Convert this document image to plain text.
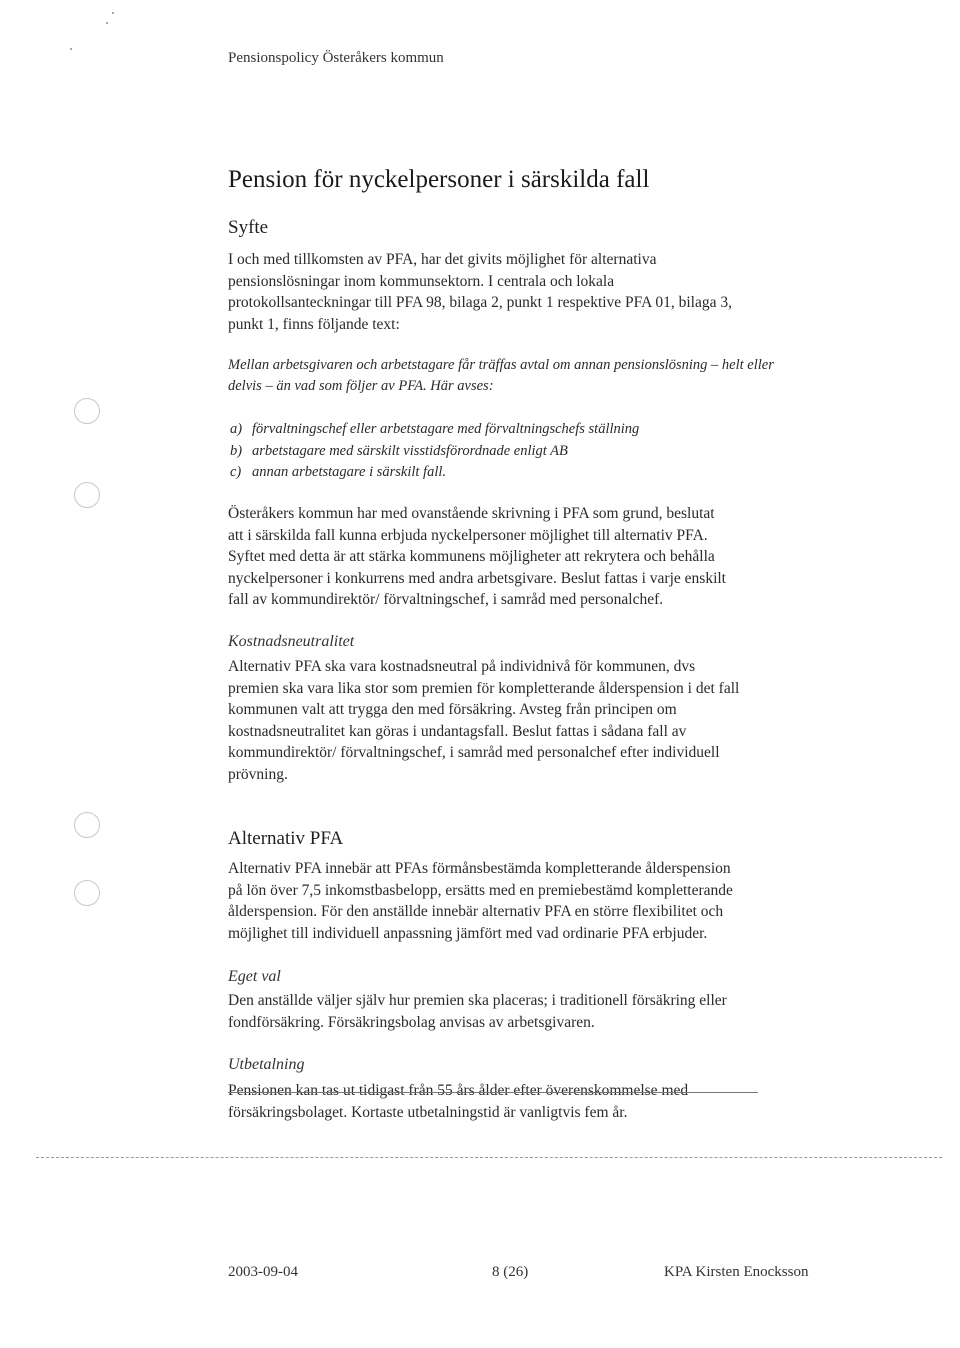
Pensionspolicy Österåkers kommun
Pension för nyckelpersoner i särskilda fall
Syfte
I och med tillkomsten av PFA, har det givits möjlighet för alternativa
pensionslösningar inom kommunsektorn. I centrala och lokala
protokollsanteckningar till PFA 98, bilaga 2, punkt 1 respektive PFA 01, bilaga 3,
punkt 1, finns följande text:
Mellan arbetsgivaren och arbetstagare får träffas avtal om annan pensionslösning – helt eller
delvis – än vad som följer av PFA. Här avses:
a) förvaltningschef eller arbetstagare med förvaltningschefs ställning
b) arbetstagare med särskilt visstidsförordnade enligt AB
c) annan arbetstagare i särskilt fall.
Österåkers kommun har med ovanstående skrivning i PFA som grund, beslutat
att i särskilda fall kunna erbjuda nyckelpersoner möjlighet till alternativ PFA.
Syftet med detta är att stärka kommunens möjligheter att rekrytera och behålla
nyckelpersoner i konkurrens med andra arbetsgivare. Beslut fattas i varje enskilt
fall av kommundirektör/ förvaltningschef, i samråd med personalchef.
Kostnadsneutralitet
Alternativ PFA ska vara kostnadsneutral på individnivå för kommunen, dvs
premien ska vara lika stor som premien för kompletterande ålderspension i det fall
kommunen valt att trygga den med försäkring. Avsteg från principen om
kostnadsneutralitet kan göras i undantagsfall. Beslut fattas i sådana fall av
kommundirektör/ förvaltningschef, i samråd med personalchef efter individuell
prövning.
Alternativ PFA
Alternativ PFA innebär att PFAs förmånsbestämda kompletterande ålderspension
på lön över 7,5 inkomstbasbelopp, ersätts med en premiebestämd kompletterande
ålderspension. För den anställde innebär alternativ PFA en större flexibilitet och
möjlighet till individuell anpassning jämfört med vad ordinarie PFA erbjuder.
Eget val
Den anställde väljer själv hur premien ska placeras; i traditionell försäkring eller
fondförsäkring. Försäkringsbolag anvisas av arbetsgivaren.
Utbetalning
Pensionen kan tas ut tidigast från 55 års ålder efter överenskommelse med
försäkringsbolaget. Kortaste utbetalningstid är vanligtvis fem år.
2003-09-04	8 (26)	KPA Kirsten Enocksson
